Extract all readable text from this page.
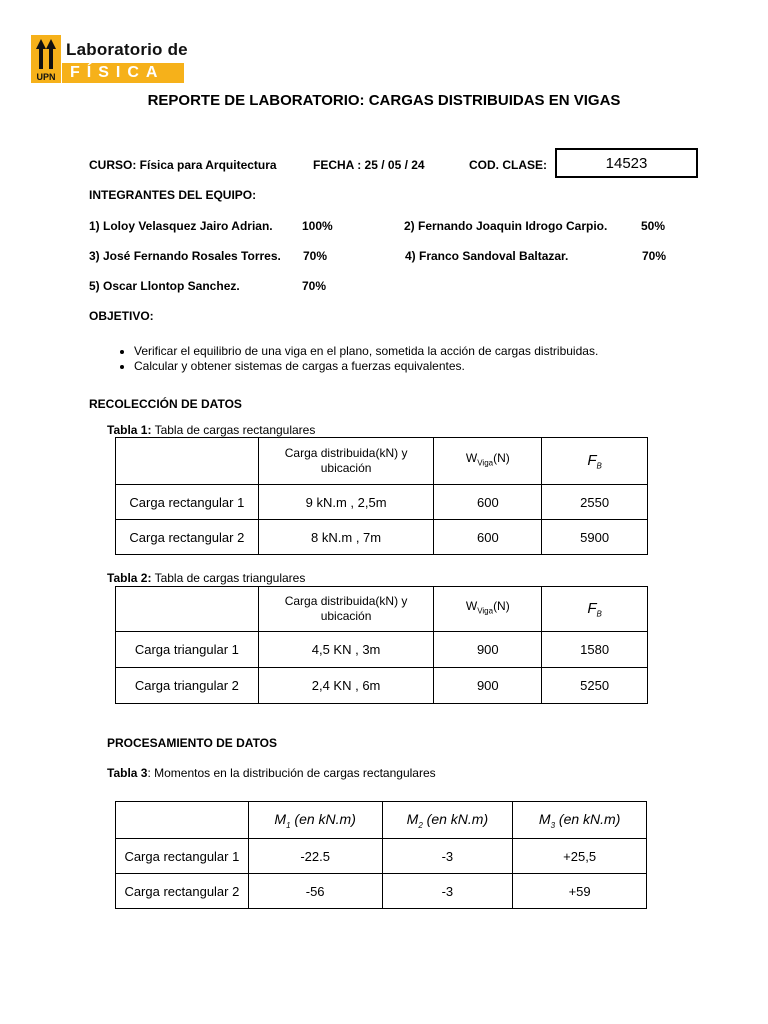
UPN
Laboratorio de
FÍSICA
REPORTE DE LABORATORIO: CARGAS DISTRIBUIDAS EN VIGAS
CURSO: Física para Arquitectura	FECHA : 25 / 05 / 24	COD. CLASE:	14523
INTEGRANTES DEL EQUIPO:
1) Loloy Velasquez Jairo Adrian. 100%	2) Fernando Joaquin Idrogo Carpio.	50%
3) José Fernando Rosales Torres. 70%	4) Franco Sandoval Baltazar.	70%
5) Oscar Llontop Sanchez.	70%
OBJETIVO:
• Verificar el equilibrio de una viga en el plano, sometida la acción de cargas distribuidas.
• Calcular y obtener sistemas de cargas a fuerzas equivalentes.
RECOLECCIÓN DE DATOS
Tabla 1: Tabla de cargas rectangulares
	Carga distribuida(kN) y ubicación	$W_{Viga}(N)$	$F_B$
Carga rectangular 1	9 kN.m , 2,5m	600	2550
Carga rectangular 2	8 kN.m , 7m	600	5900
Tabla 2: Tabla de cargas triangulares
	Carga distribuida(kN) y ubicación	$W_{Viga}(N)$	$F_B$
Carga triangular 1	4,5 KN , 3m	900	1580
Carga triangular 2	2,4 KN , 6m	900	5250
PROCESAMIENTO DE DATOS
Tabla 3: Momentos en la distribución de cargas rectangulares
	$M_1$ (en kN.m)	$M_2$ (en kN.m)	$M_3$ (en kN.m)
Carga rectangular 1	-22.5	-3	+25,5
Carga rectangular 2	-56	-3	+59
